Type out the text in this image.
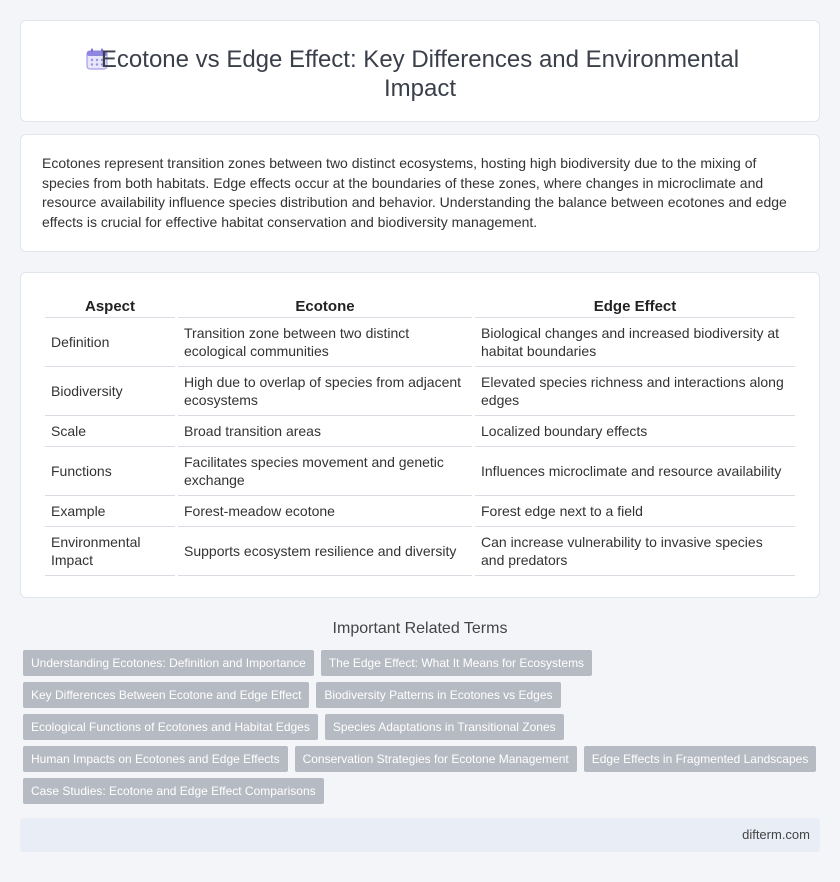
Ecotone vs Edge Effect: Key Differences and Environmental Impact

Ecotones represent transition zones between two distinct ecosystems, hosting high biodiversity due to the mixing of species from both habitats. Edge effects occur at the boundaries of these zones, where changes in microclimate and resource availability influence species distribution and behavior. Understanding the balance between ecotones and edge effects is crucial for effective habitat conservation and biodiversity management.

Aspect	Ecotone	Edge Effect
Definition	Transition zone between two distinct ecological communities	Biological changes and increased biodiversity at habitat boundaries
Biodiversity	High due to overlap of species from adjacent ecosystems	Elevated species richness and interactions along edges
Scale	Broad transition areas	Localized boundary effects
Functions	Facilitates species movement and genetic exchange	Influences microclimate and resource availability
Example	Forest-meadow ecotone	Forest edge next to a field
Environmental Impact	Supports ecosystem resilience and diversity	Can increase vulnerability to invasive species and predators
Important Related Terms
Understanding Ecotones: Definition and Importance	The Edge Effect: What It Means for Ecosystems
Key Differences Between Ecotone and Edge Effect	Biodiversity Patterns in Ecotones vs Edges
Ecological Functions of Ecotones and Habitat Edges	Species Adaptations in Transitional Zones
Human Impacts on Ecotones and Edge Effects	Conservation Strategies for Ecotone Management	Edge Effects in Fragmented Landscapes
Case Studies: Ecotone and Edge Effect Comparisons
difterm.com
